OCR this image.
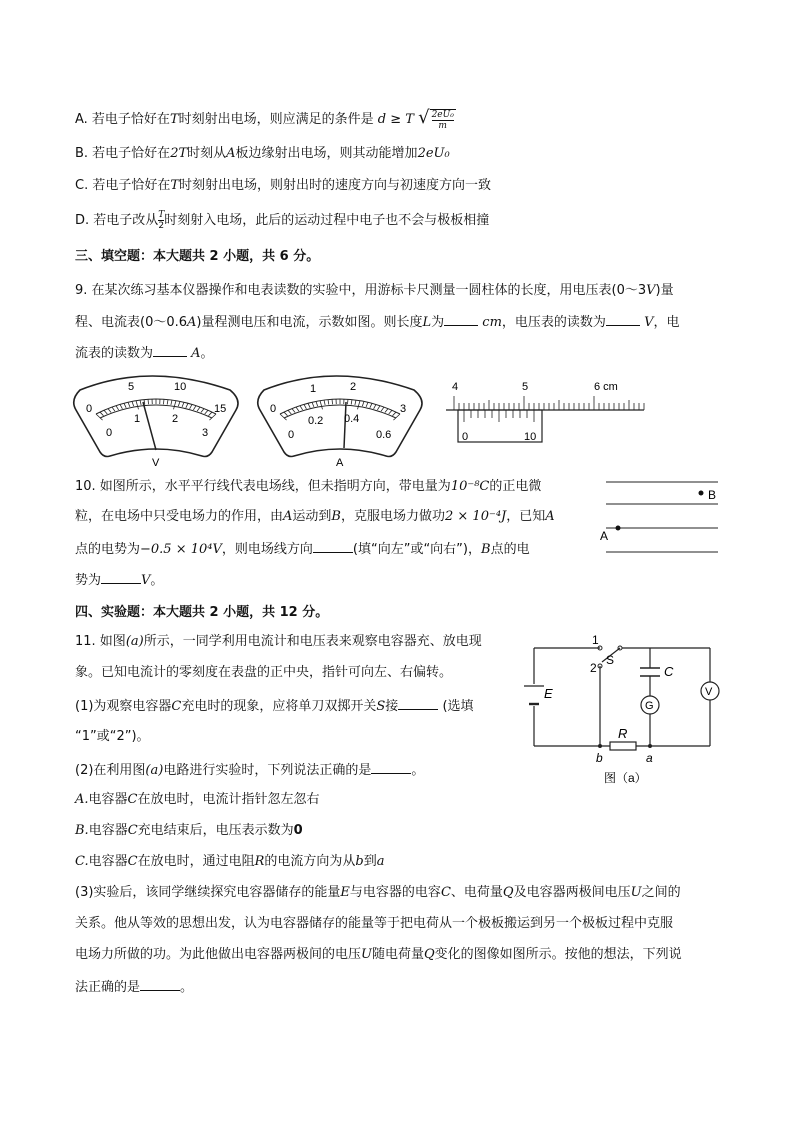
A. 若电子恰好在T时刻射出电场，则应满足的条件是 d ≥ T √ $\frac{\text{2eU₀}}{m}$
B. 若电子恰好在2T时刻从A板边缘射出电场，则其动能增加2eU₀
C. 若电子恰好在T时刻射出电场，则射出时的速度方向与初速度方向一致
D. 若电子改从 $\frac{T}{2}$ 时刻射入电场，此后的运动过程中电子也不会与极板相撞
三、填空题：本大题共 2 小题，共 6 分。
9. 在某次练习基本仪器操作和电表读数的实验中，用游标卡尺测量一圆柱体的长度，用电压表(0～3V)量
程、电流表(0～0.6A)量程测电压和电流，示数如图。则长度L为	cm，电压表的读数为	V，电
流表的读数为	A。
0
5	10
15
0
1	2
3
V
0
1	2
3
0
0.2 0.4
0.6
A
4	5	6 cm
0	10
10. 如图所示，水平平行线代表电场线，但未指明方向，带电量为10⁻⁸C的正电微
粒，在电场中只受电场力的作用，由A运动到B，克服电场力做功2 × 10⁻⁴J，已知A
点的电势为−0.5 × 10⁴V，则电场线方向	(填“向左”或“向右”)，B点的电
势为	V。
B
A
四、实验题：本大题共 2 小题，共 12 分。
11. 如图(a)所示，一同学利用电流计和电压表来观察电容器充、放电现
象。已知电流计的零刻度在表盘的正中央，指针可向左、右偏转。
(1)为观察电容器C充电时的现象，应将单刀双掷开关S接	(选填
“1”或“2”)。
(2)在利用图(a)电路进行实验时，下列说法正确的是	。
A.电容器C在放电时，电流计指针忽左忽右
B.电容器C充电结束后，电压表示数为0
C.电容器C在放电时，通过电阻R的电流方向为从b到a
(3)实验后，该同学继续探究电容器储存的能量E与电容器的电容C、电荷量Q及电容器两极间电压U之间的
关系。他从等效的思想出发，认为电容器储存的能量等于把电荷从一个极板搬运到另一个极板过程中克服
电场力所做的功。为此他做出电容器两极间的电压U随电荷量Q变化的图像如图所示。按他的想法，下列说
法正确的是	。
E
1
2
S
C
G
R
b	a
V
图（a）
